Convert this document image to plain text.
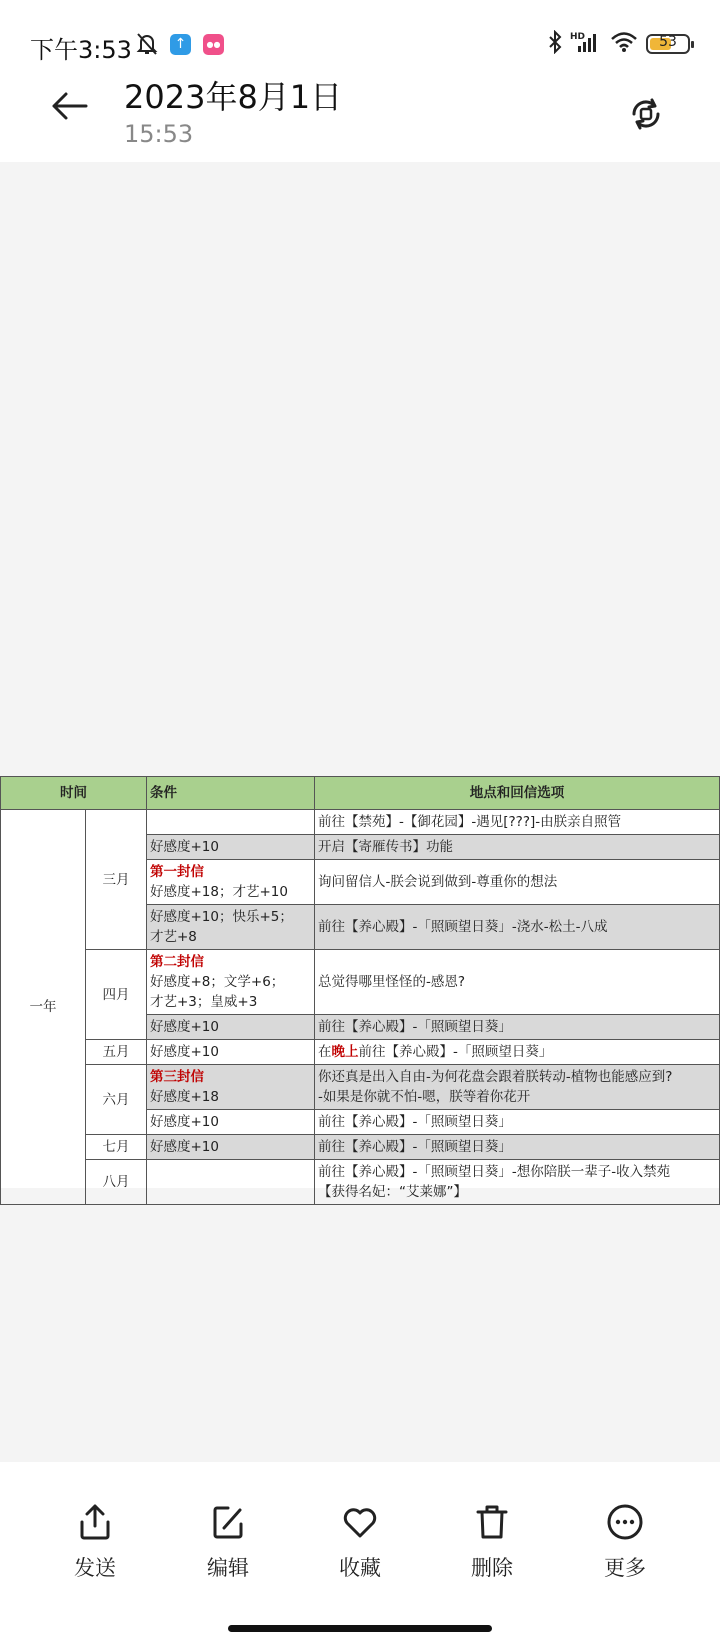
下午3:53	↑	●●
HD	53
2023年8月1日
15:53
时间		条件	地点和回信选项
一年	三月		前往【禁苑】-【御花园】-遇见[???]-由朕亲自照管
		好感度+10	开启【寄雁传书】功能
		第一封信
好感度+18；才艺+10	询问留信人-朕会说到做到-尊重你的想法
		好感度+10；快乐+5；
才艺+8	前往【养心殿】-「照顾望日葵」-浇水-松土-八成
	四月	第二封信
好感度+8；文学+6；
才艺+3；皇威+3	总觉得哪里怪怪的-感恩?
		好感度+10	前往【养心殿】-「照顾望日葵」
	五月	好感度+10	在晚上前往【养心殿】-「照顾望日葵」
	六月	第三封信
好感度+18	你还真是出入自由-为何花盘会跟着朕转动-植物也能感应到?
-如果是你就不怕-嗯，朕等着你花开
		好感度+10	前往【养心殿】-「照顾望日葵」
	七月	好感度+10	前往【养心殿】-「照顾望日葵」
	八月		前往【养心殿】-「照顾望日葵」-想你陪朕一辈子-收入禁苑
【获得名妃：“艾莱娜”】
发送	编辑	收藏	删除	更多
